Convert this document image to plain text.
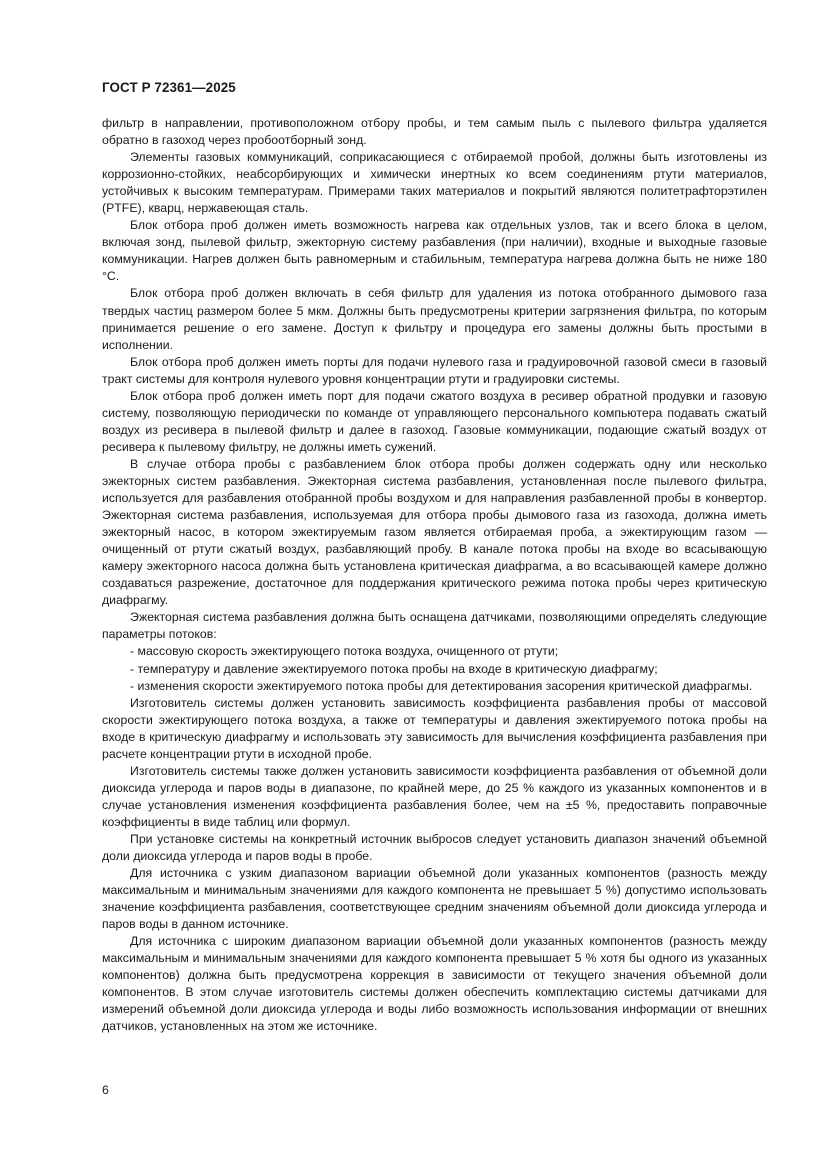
ГОСТ Р 72361—2025

фильтр в направлении, противоположном отбору пробы, и тем самым пыль с пылевого фильтра удаляется обратно в газоход через пробоотборный зонд.

Элементы газовых коммуникаций, соприкасающиеся с отбираемой пробой, должны быть изготовлены из коррозионно-стойких, неабсорбирующих и химически инертных ко всем соединениям ртути материалов, устойчивых к высоким температурам. Примерами таких материалов и покрытий являются политетрафторэтилен (PTFE), кварц, нержавеющая сталь.

Блок отбора проб должен иметь возможность нагрева как отдельных узлов, так и всего блока в целом, включая зонд, пылевой фильтр, эжекторную систему разбавления (при наличии), входные и выходные газовые коммуникации. Нагрев должен быть равномерным и стабильным, температура нагрева должна быть не ниже 180 °С.

Блок отбора проб должен включать в себя фильтр для удаления из потока отобранного дымового газа твердых частиц размером более 5 мкм. Должны быть предусмотрены критерии загрязнения фильтра, по которым принимается решение о его замене. Доступ к фильтру и процедура его замены должны быть простыми в исполнении.

Блок отбора проб должен иметь порты для подачи нулевого газа и градуировочной газовой смеси в газовый тракт системы для контроля нулевого уровня концентрации ртути и градуировки системы.

Блок отбора проб должен иметь порт для подачи сжатого воздуха в ресивер обратной продувки и газовую систему, позволяющую периодически по команде от управляющего персонального компьютера подавать сжатый воздух из ресивера в пылевой фильтр и далее в газоход. Газовые коммуникации, подающие сжатый воздух от ресивера к пылевому фильтру, не должны иметь сужений.

В случае отбора пробы с разбавлением блок отбора пробы должен содержать одну или несколько эжекторных систем разбавления. Эжекторная система разбавления, установленная после пылевого фильтра, используется для разбавления отобранной пробы воздухом и для направления разбавленной пробы в конвертор. Эжекторная система разбавления, используемая для отбора пробы дымового газа из газохода, должна иметь эжекторный насос, в котором эжектируемым газом является отбираемая проба, а эжектирующим газом — очищенный от ртути сжатый воздух, разбавляющий пробу. В канале потока пробы на входе во всасывающую камеру эжекторного насоса должна быть установлена критическая диафрагма, а во всасывающей камере должно создаваться разрежение, достаточное для поддержания критического режима потока пробы через критическую диафрагму.

Эжекторная система разбавления должна быть оснащена датчиками, позволяющими определять следующие параметры потоков:

- массовую скорость эжектирующего потока воздуха, очищенного от ртути;
- температуру и давление эжектируемого потока пробы на входе в критическую диафрагму;
- изменения скорости эжектируемого потока пробы для детектирования засорения критической диафрагмы.

Изготовитель системы должен установить зависимость коэффициента разбавления пробы от массовой скорости эжектирующего потока воздуха, а также от температуры и давления эжектируемого потока пробы на входе в критическую диафрагму и использовать эту зависимость для вычисления коэффициента разбавления при расчете концентрации ртути в исходной пробе.

Изготовитель системы также должен установить зависимости коэффициента разбавления от объемной доли диоксида углерода и паров воды в диапазоне, по крайней мере, до 25 % каждого из указанных компонентов и в случае установления изменения коэффициента разбавления более, чем на ±5 %, предоставить поправочные коэффициенты в виде таблиц или формул.

При установке системы на конкретный источник выбросов следует установить диапазон значений объемной доли диоксида углерода и паров воды в пробе.

Для источника с узким диапазоном вариации объемной доли указанных компонентов (разность между максимальным и минимальным значениями для каждого компонента не превышает 5 %) допустимо использовать значение коэффициента разбавления, соответствующее средним значениям объемной доли диоксида углерода и паров воды в данном источнике.

Для источника с широким диапазоном вариации объемной доли указанных компонентов (разность между максимальным и минимальным значениями для каждого компонента превышает 5 % хотя бы одного из указанных компонентов) должна быть предусмотрена коррекция в зависимости от текущего значения объемной доли компонентов. В этом случае изготовитель системы должен обеспечить комплектацию системы датчиками для измерений объемной доли диоксида углерода и воды либо возможность использования информации от внешних датчиков, установленных на этом же источнике.

6
